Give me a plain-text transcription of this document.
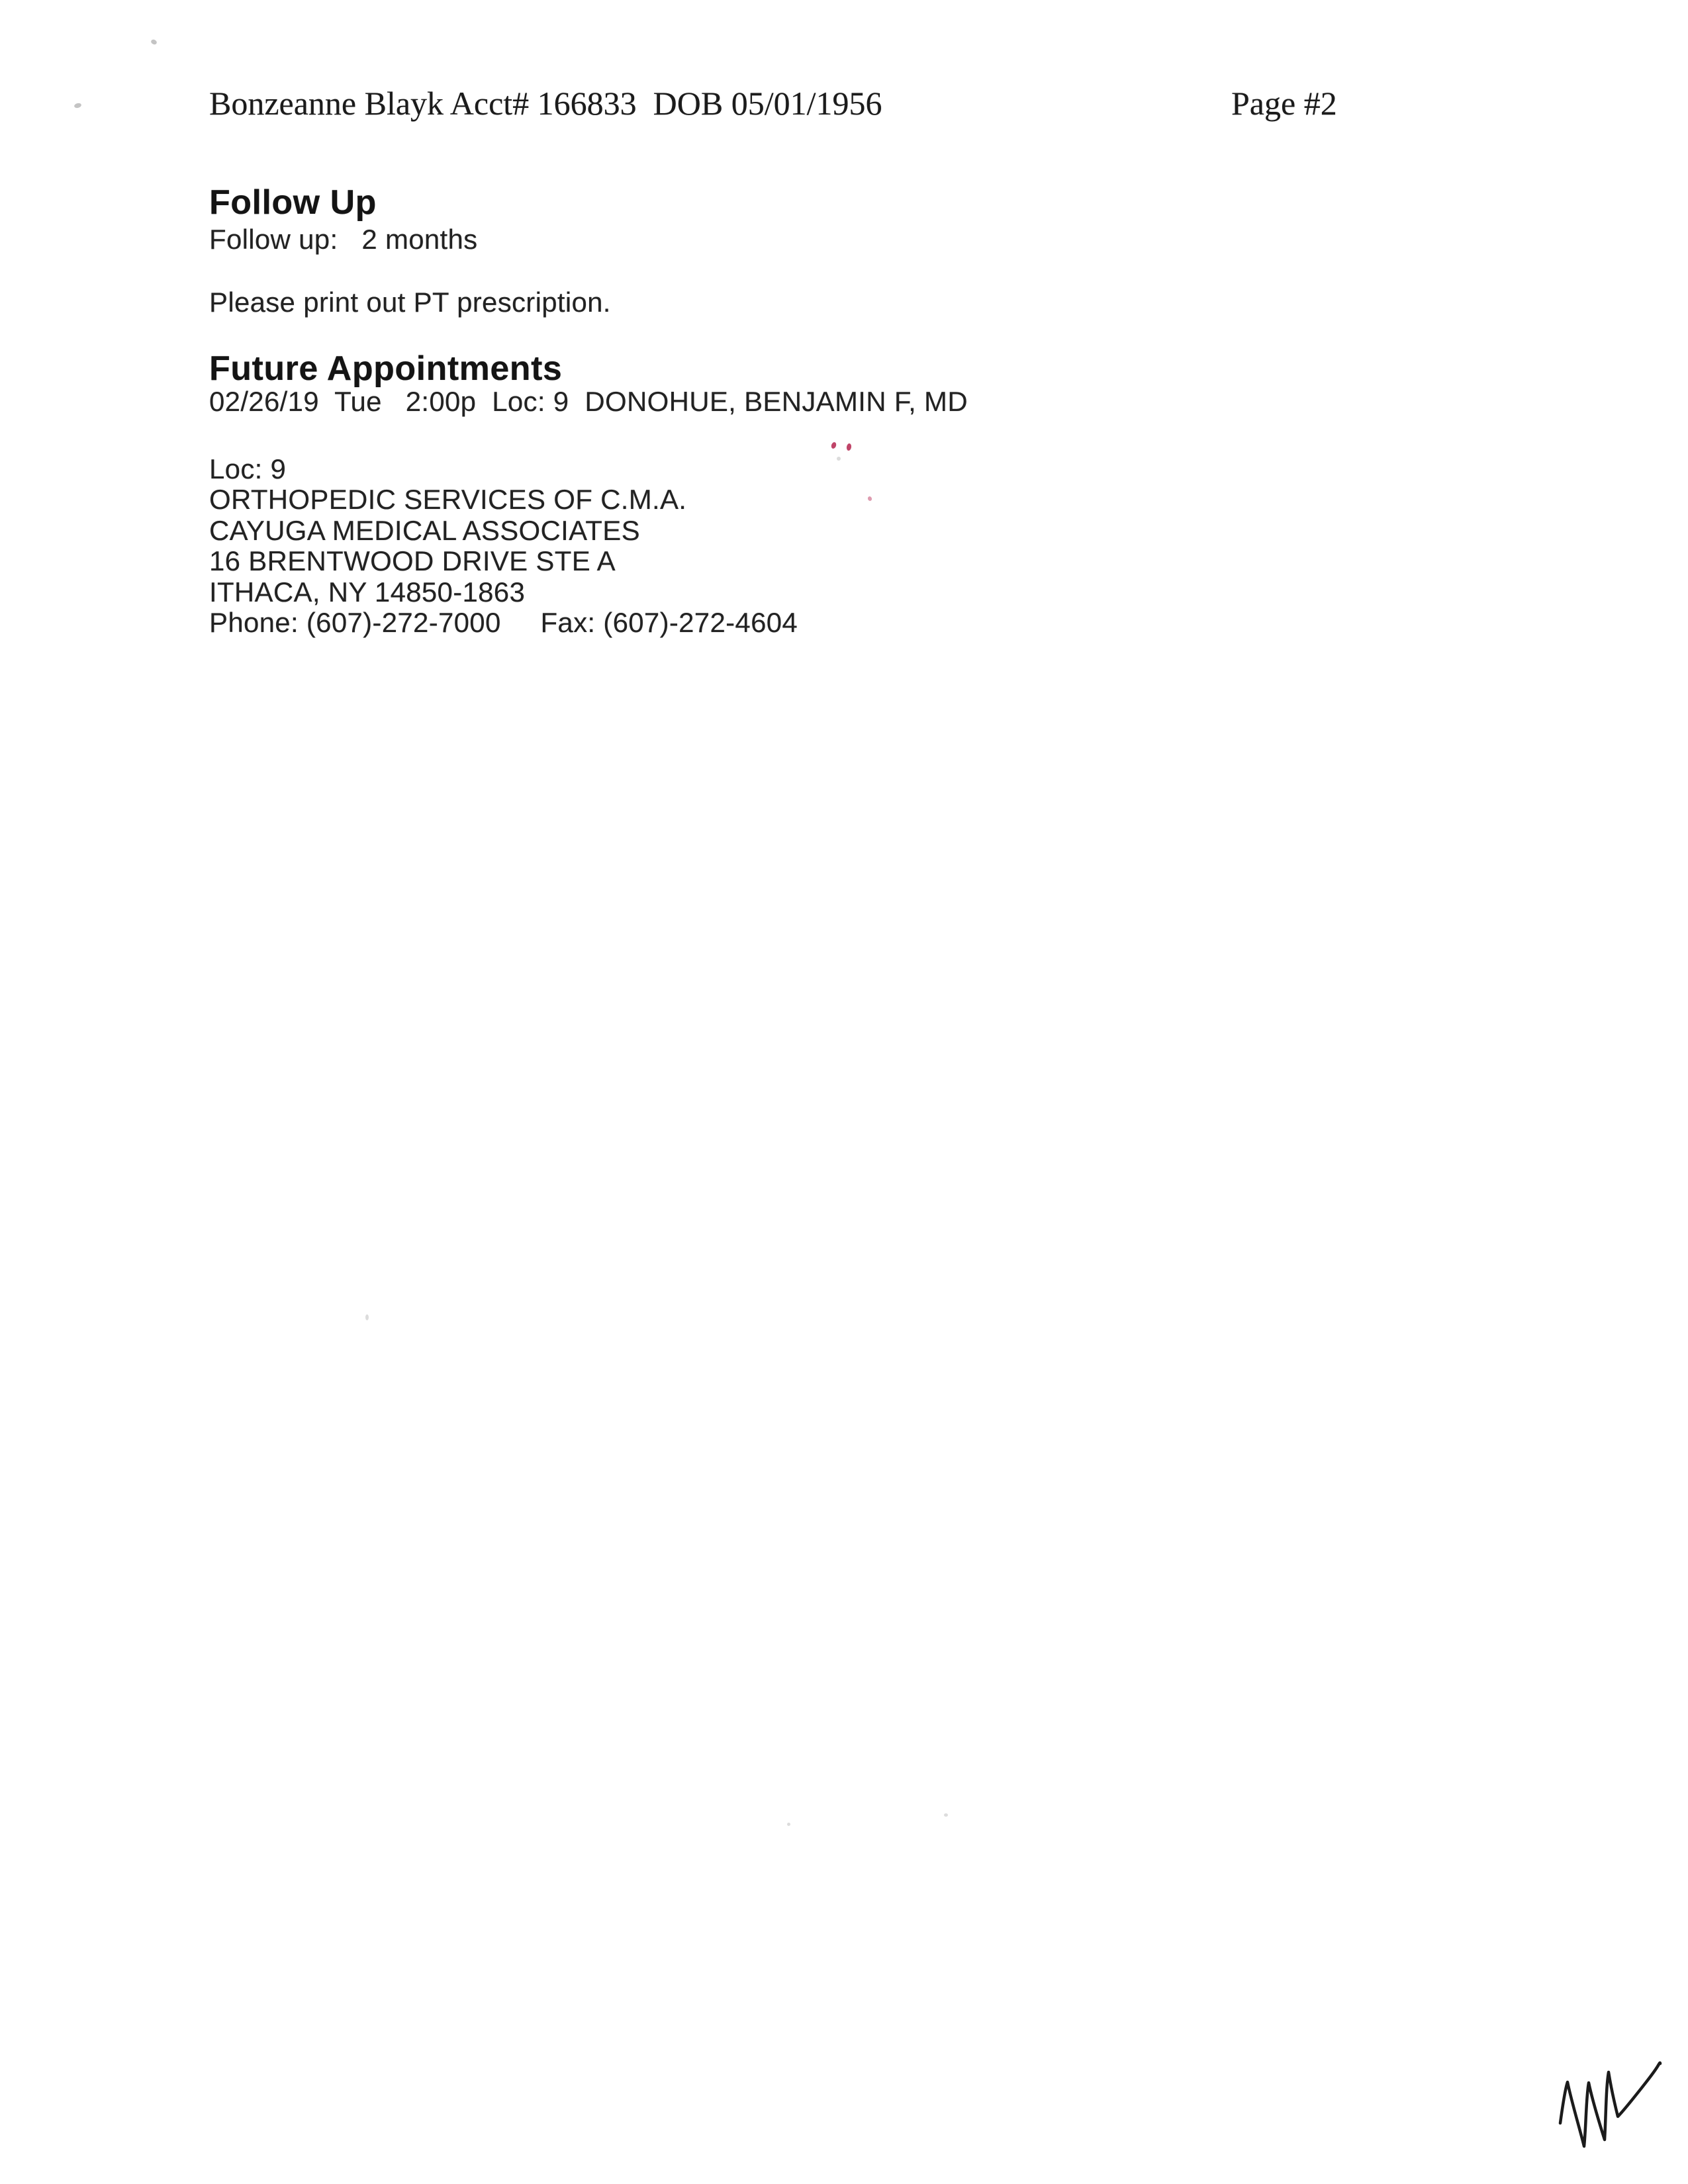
Bonzeanne Blayk Acct# 166833  DOB 05/01/1956	Page #2
Follow Up
Follow up:   2 months
Please print out PT prescription.
Future Appointments
02/26/19  Tue   2:00p  Loc: 9  DONOHUE, BENJAMIN F, MD
Loc: 9
ORTHOPEDIC SERVICES OF C.M.A.
CAYUGA MEDICAL ASSOCIATES
16 BRENTWOOD DRIVE STE A
ITHACA, NY 14850-1863
Phone: (607)-272-7000     Fax: (607)-272-4604
